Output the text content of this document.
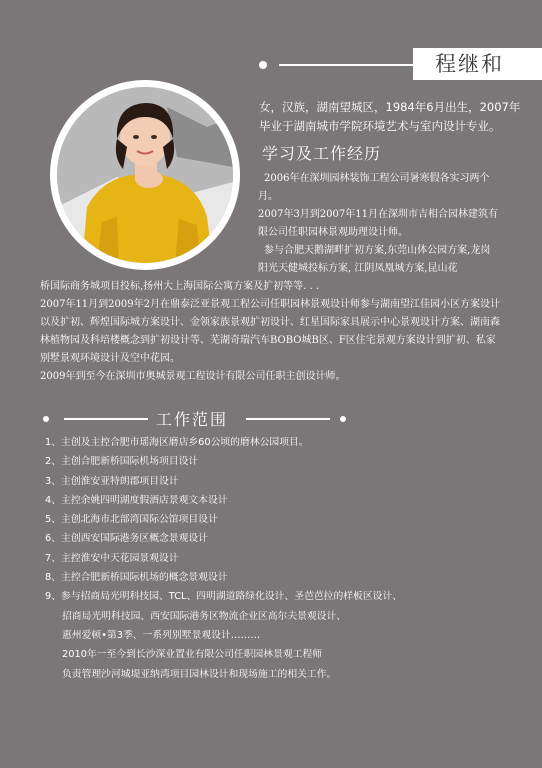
程继和
女，汉族，湖南望城区，1984年6月出生，2007年毕业于湖南城市学院环境艺术与室内设计专业。
学习及工作经历

2006年在深圳园林装饰工程公司暑寒假各实习两个月。

2007年3月到2007年11月在深圳市吉相合园林建筑有限公司任职园林景观助理设计师。

参与合肥天鹅湖畔扩初方案,东莞山体公园方案,龙岗阳光天健城投标方案, 江阴凤凰城方案,昆山花

桥国际商务城项目投标,扬州大上海国际公寓方案及扩初等等. . .

2007年11月到2009年2月在鼎泰泛亚景观工程公司任职园林景观设计师参与湖南望江佳园小区方案设计以及扩初、辉煌国际城方案设计、金领家族景观扩初设计、红星国际家具展示中心景观设计方案、湖南森林植物园及科培楼概念到扩初设计等、芜湖奇瑞汽车BOBO城B区、F区住宅景观方案设计到扩初、私家别墅景观环境设计及空中花园。

2009年到至今在深圳市奥城景观工程设计有限公司任职主创设计师。

工作范围
1、主创及主控合肥市瑶海区磨店乡60公顷的磨林公园项目。
2、主创合肥新桥国际机场项目设计
3、主创淮安亚特朗郡项目设计
4、主控余姚四明湖度假酒店景观文本设计
5、主创北海市北部湾国际公馆项目设计
6、主创西安国际港务区概念景观设计
7、主控淮安中天花园景观设计
8、主控合肥新桥国际机场的概念景观设计
9、参与招商局光明科技园、TCL、四明湖道路绿化设计、圣芭芭拉的样板区设计、
招商局光明科技园、西安国际港务区物流企业区高尔夫景观设计、
惠州爱顿•第3季、一系列别墅景观设计………
2010年一至今到长沙深业置业有限公司任职园林景观工程师
负责管理沙河城堤亚纳湾项目园林设计和现场施工的相关工作。
